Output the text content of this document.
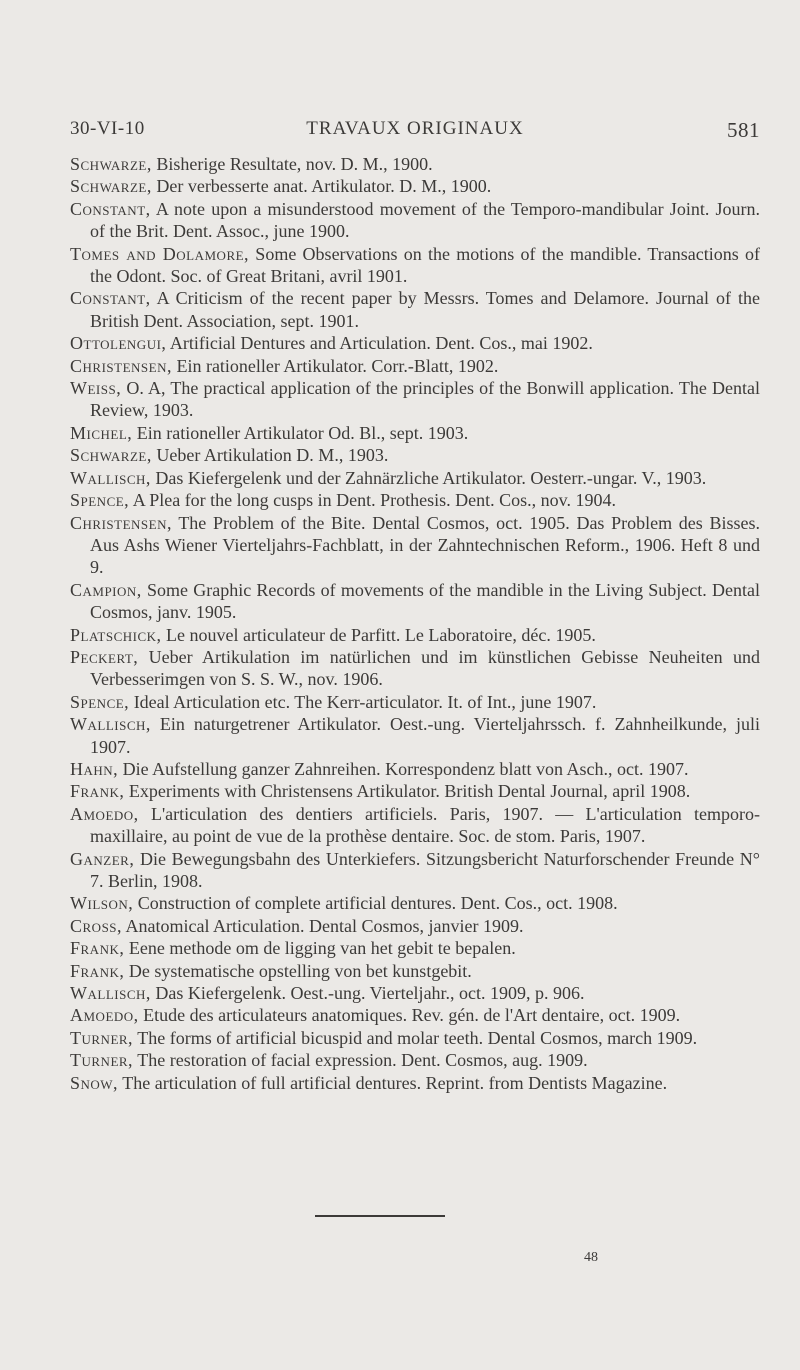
30-VI-10	TRAVAUX ORIGINAUX	581
Schwarze, Bisherige Resultate, nov. D. M., 1900.
Schwarze, Der verbesserte anat. Artikulator. D. M., 1900.
Constant, A note upon a misunderstood movement of the Temporo-mandibular Joint. Journ. of the Brit. Dent. Assoc., june 1900.
Tomes and Dolamore, Some Observations on the motions of the mandible. Transactions of the Odont. Soc. of Great Britani, avril 1901.
Constant, A Criticism of the recent paper by Messrs. Tomes and Delamore. Journal of the British Dent. Association, sept. 1901.
Ottolengui, Artificial Dentures and Articulation. Dent. Cos., mai 1902.
Christensen, Ein rationeller Artikulator. Corr.-Blatt, 1902.
Weiss, O. A, The practical application of the principles of the Bonwill application. The Dental Review, 1903.
Michel, Ein rationeller Artikulator Od. Bl., sept. 1903.
Schwarze, Ueber Artikulation D. M., 1903.
Wallisch, Das Kiefergelenk und der Zahnärzliche Artikulator. Oesterr.-ungar. V., 1903.
Spence, A Plea for the long cusps in Dent. Prothesis. Dent. Cos., nov. 1904.
Christensen, The Problem of the Bite. Dental Cosmos, oct. 1905. Das Problem des Bisses. Aus Ashs Wiener Vierteljahrs-Fachblatt, in der Zahntechnischen Reform., 1906. Heft 8 und 9.
Campion, Some Graphic Records of movements of the mandible in the Living Subject. Dental Cosmos, janv. 1905.
Platschick, Le nouvel articulateur de Parfitt. Le Laboratoire, déc. 1905.
Peckert, Ueber Artikulation im natürlichen und im künstlichen Gebisse Neuheiten und Verbesserimgen von S. S. W., nov. 1906.
Spence, Ideal Articulation etc. The Kerr-articulator. It. of Int., june 1907.
Wallisch, Ein naturgetrener Artikulator. Oest.-ung. Vierteljahrssch. f. Zahnheilkunde, juli 1907.
Hahn, Die Aufstellung ganzer Zahnreihen. Korrespondenz blatt von Asch., oct. 1907.
Frank, Experiments with Christensens Artikulator. British Dental Journal, april 1908.
Amoedo, L'articulation des dentiers artificiels. Paris, 1907. — L'articulation temporo-maxillaire, au point de vue de la prothèse dentaire. Soc. de stom. Paris, 1907.
Ganzer, Die Bewegungsbahn des Unterkiefers. Sitzungsbericht Naturforschender Freunde N° 7. Berlin, 1908.
Wilson, Construction of complete artificial dentures. Dent. Cos., oct. 1908.
Cross, Anatomical Articulation. Dental Cosmos, janvier 1909.
Frank, Eene methode om de ligging van het gebit te bepalen.
Frank, De systematische opstelling von bet kunstgebit.
Wallisch, Das Kiefergelenk. Oest.-ung. Vierteljahr., oct. 1909, p. 906.
Amoedo, Etude des articulateurs anatomiques. Rev. gén. de l'Art dentaire, oct. 1909.
Turner, The forms of artificial bicuspid and molar teeth. Dental Cosmos, march 1909.
Turner, The restoration of facial expression. Dent. Cosmos, aug. 1909.
Snow, The articulation of full artificial dentures. Reprint. from Dentists Magazine.
48
